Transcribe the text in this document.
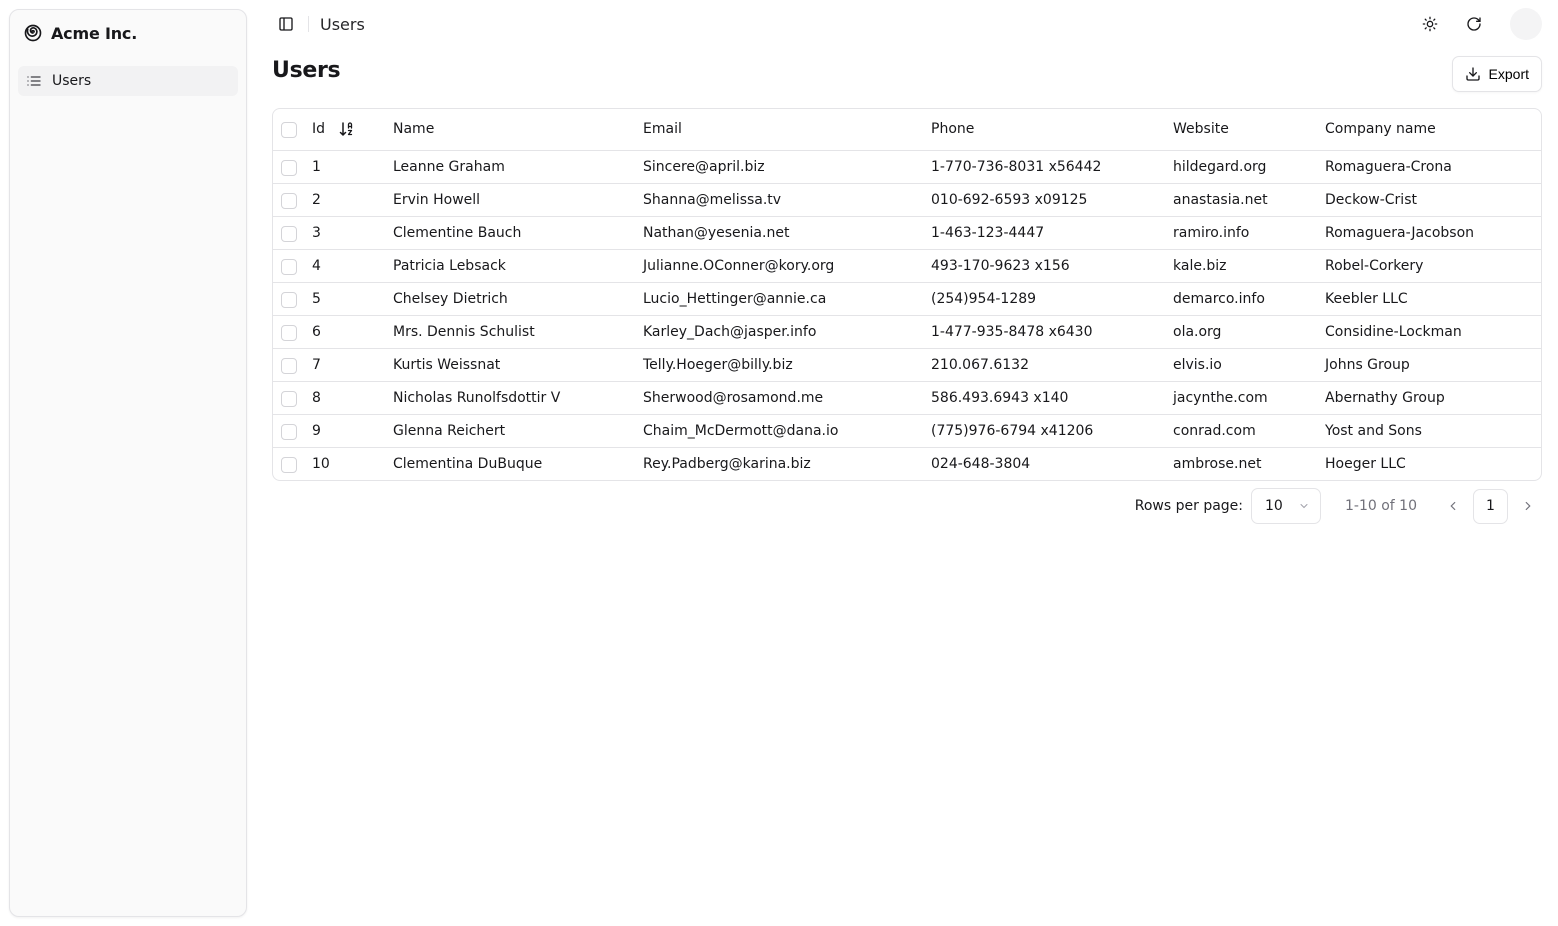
Acme Inc.
Users
Users
Users	Export

	Id	Name	Email	Phone	Website	Company name

	1	Leanne Graham	Sincere@april.biz	1-770-736-8031 x56442	hildegard.org	Romaguera-Crona

	2	Ervin Howell	Shanna@melissa.tv	010-692-6593 x09125	anastasia.net	Deckow-Crist

	3	Clementine Bauch	Nathan@yesenia.net	1-463-123-4447	ramiro.info	Romaguera-Jacobson

	4	Patricia Lebsack	Julianne.OConner@kory.org	493-170-9623 x156	kale.biz	Robel-Corkery

	5	Chelsey Dietrich	Lucio_Hettinger@annie.ca	(254)954-1289	demarco.info	Keebler LLC

	6	Mrs. Dennis Schulist	Karley_Dach@jasper.info	1-477-935-8478 x6430	ola.org	Considine-Lockman

	7	Kurtis Weissnat	Telly.Hoeger@billy.biz	210.067.6132	elvis.io	Johns Group

	8	Nicholas Runolfsdottir V	Sherwood@rosamond.me	586.493.6943 x140	jacynthe.com	Abernathy Group

	9	Glenna Reichert	Chaim_McDermott@dana.io	(775)976-6794 x41206	conrad.com	Yost and Sons

	10	Clementina DuBuque	Rey.Padberg@karina.biz	024-648-3804	ambrose.net	Hoeger LLC
Rows per page: 10	1-10 of 10	1
